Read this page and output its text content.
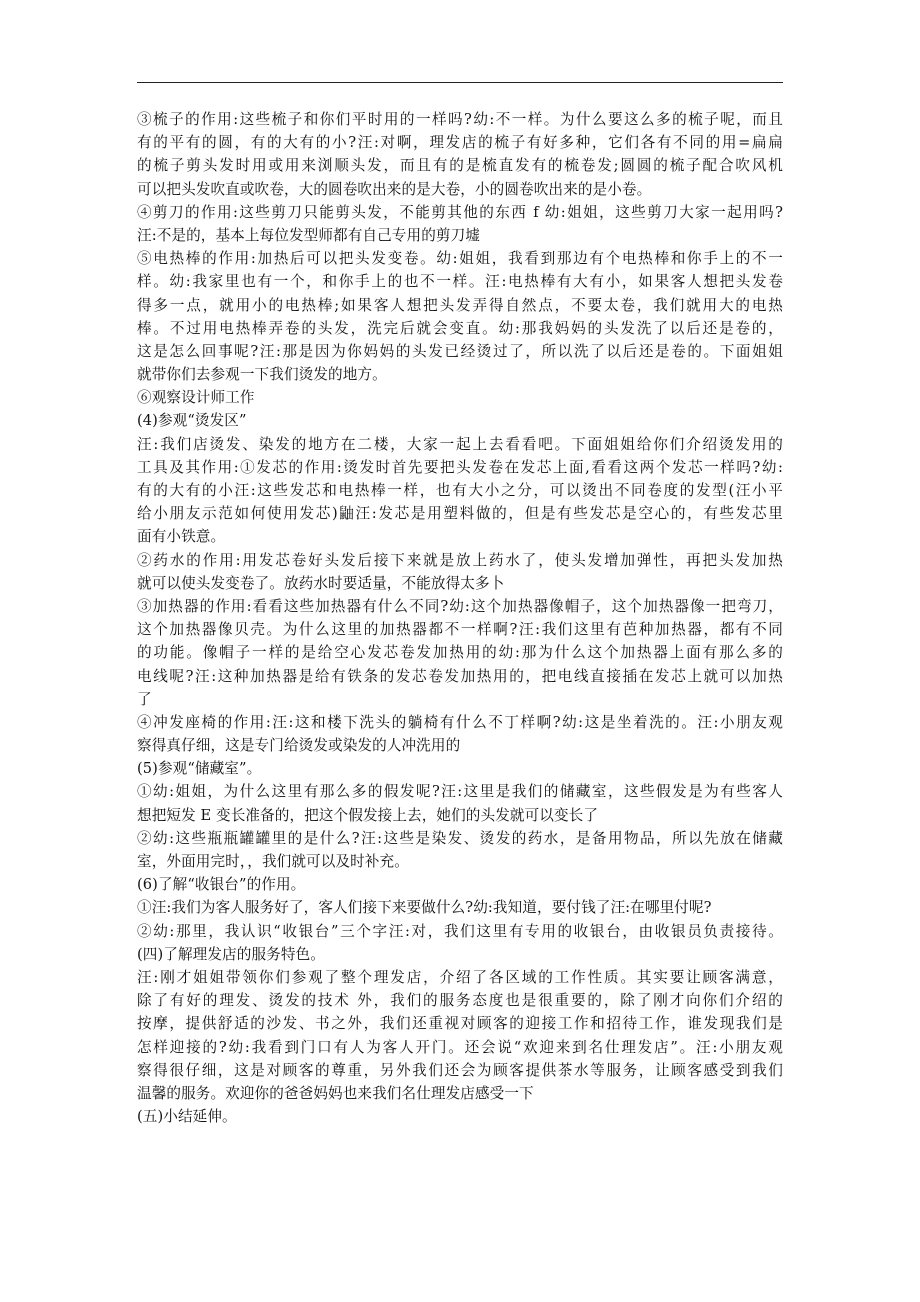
③梳子的作用:这些梳子和你们平时用的一样吗?幼:不一样。为什么要这么多的梳子呢，而且
有的平有的圆，有的大有的小?汪:对啊，理发店的梳子有好多种，它们各有不同的用=扁扁
的梳子剪头发时用或用来浏顺头发，而且有的是梳直发有的梳卷发;圆圆的梳子配合吹风机
可以把头发吹直或吹卷，大的圆卷吹出来的是大卷，小的圆卷吹出来的是小卷。
④剪刀的作用:这些剪刀只能剪头发，不能剪其他的东西 f 幼:姐姐，这些剪刀大家一起用吗?
汪:不是的，基本上每位发型师都有自己专用的剪刀墟
⑤电热棒的作用:加热后可以把头发变卷。幼:姐姐，我看到那边有个电热棒和你手上的不一
样。幼:我家里也有一个，和你手上的也不一样。汪:电热棒有大有小，如果客人想把头发卷
得多一点，就用小的电热棒;如果客人想把头发弄得自然点，不要太卷，我们就用大的电热
棒。不过用电热棒弄卷的头发，洗完后就会变直。幼:那我妈妈的头发洗了以后还是卷的，
这是怎么回事呢?汪:那是因为你妈妈的头发已经烫过了，所以洗了以后还是卷的。下面姐姐
就带你们去参观一下我们烫发的地方。
⑥观察设计师工作
(4)参观“烫发区”
汪:我们店烫发、染发的地方在二楼，大家一起上去看看吧。下面姐姐给你们介绍烫发用的
工具及其作用:①发芯的作用:烫发时首先要把头发卷在发芯上面,看看这两个发芯一样吗?幼:
有的大有的小汪:这些发芯和电热棒一样，也有大小之分，可以烫出不同卷度的发型(汪小平
给小朋友示范如何使用发芯)鼬汪:发芯是用塑料做的，但是有些发芯是空心的，有些发芯里
面有小铁意。
②药水的作用:用发芯卷好头发后接下来就是放上药水了，使头发增加弹性，再把头发加热
就可以使头发变卷了。放药水时要适量，不能放得太多卜
③加热器的作用:看看这些加热器有什么不同?幼:这个加热器像帽子，这个加热器像一把弯刀，
这个加热器像贝壳。为什么这里的加热器都不一样啊?汪:我们这里有芭种加热器，都有不同
的功能。像帽子一样的是给空心发芯卷发加热用的幼:那为什么这个加热器上面有那么多的
电线呢?汪:这种加热器是给有铁条的发芯卷发加热用的，把电线直接插在发芯上就可以加热
了
④冲发座椅的作用:汪:这和楼下洗头的躺椅有什么不丁样啊?幼:这是坐着洗的。汪:小朋友观
察得真仔细，这是专门给烫发或染发的人冲洗用的
(5)参观“储藏室”。
①幼:姐姐，为什么这里有那么多的假发呢?汪:这里是我们的储藏室，这些假发是为有些客人
想把短发 E 变长准备的，把这个假发接上去，她们的头发就可以变长了
②幼:这些瓶瓶罐罐里的是什么?汪:这些是染发、烫发的药水，是备用物品，所以先放在储藏
室，外面用完时，，我们就可以及时补充。
(6)了解“收银台”的作用。
①汪:我们为客人服务好了，客人们接下来要做什么?幼:我知道，要付钱了汪:在哪里付呢?
②幼:那里，我认识“收银台”三个字汪:对，我们这里有专用的收银台，由收银员负责接待。
(四)了解理发店的服务特色。
汪:刚才姐姐带领你们参观了整个理发店，介绍了各区域的工作性质。其实要让顾客满意，
除了有好的理发、烫发的技术 外，我们的服务态度也是很重要的，除了刚才向你们介绍的
按摩，提供舒适的沙发、书之外，我们还重视对顾客的迎接工作和招待工作，谁发现我们是
怎样迎接的?幼:我看到门口有人为客人开门。还会说“欢迎来到名仕理发店”。汪:小朋友观
察得很仔细，这是对顾客的尊重，另外我们还会为顾客提供茶水等服务，让顾客感受到我们
温馨的服务。欢迎你的爸爸妈妈也来我们名仕理发店感受一下
(五)小结延伸。
